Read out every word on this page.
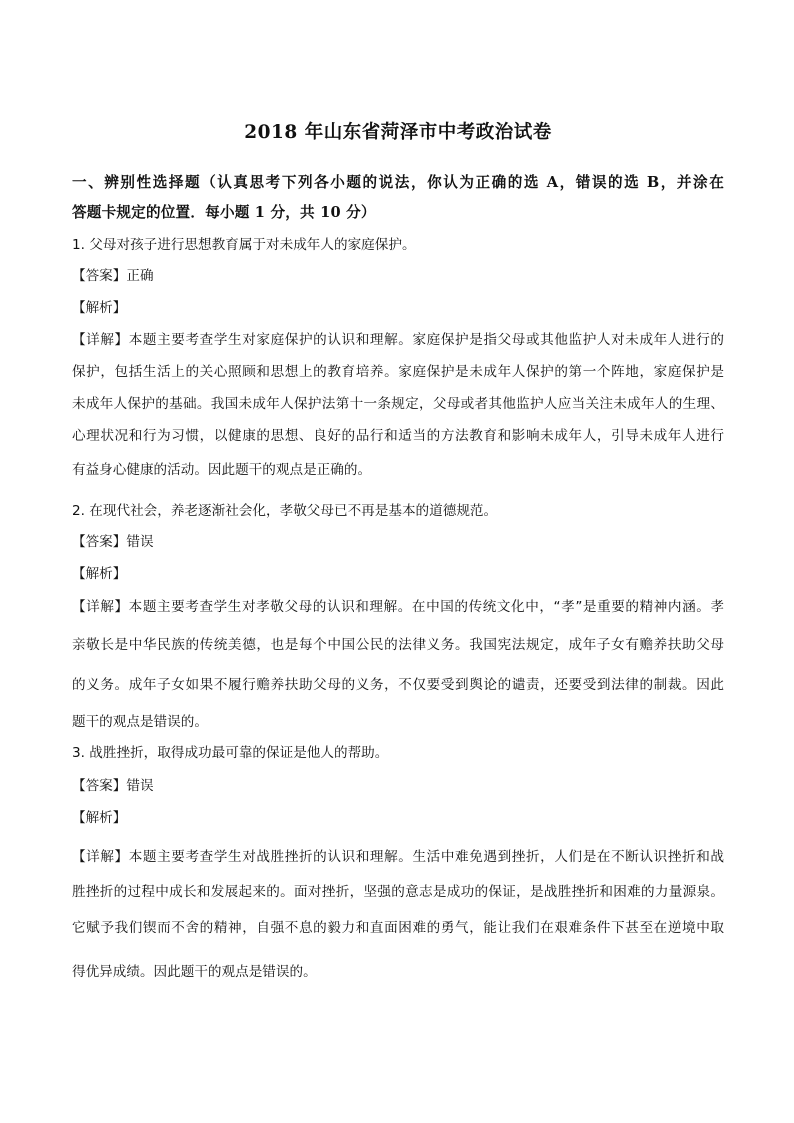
2018 年山东省菏泽市中考政治试卷
一、辨别性选择题（认真思考下列各小题的说法，你认为正确的选 A，错误的选 B，并涂在
答题卡规定的位置．每小题 1 分，共 10 分）
1. 父母对孩子进行思想教育属于对未成年人的家庭保护。
【答案】正确
【解析】
【详解】本题主要考查学生对家庭保护的认识和理解。家庭保护是指父母或其他监护人对未成年人进行的
保护，包括生活上的关心照顾和思想上的教育培养。家庭保护是未成年人保护的第一个阵地，家庭保护是
未成年人保护的基础。我国未成年人保护法第十一条规定，父母或者其他监护人应当关注未成年人的生理、
心理状况和行为习惯，以健康的思想、良好的品行和适当的方法教育和影响未成年人，引导未成年人进行
有益身心健康的活动。因此题干的观点是正确的。
2. 在现代社会，养老逐渐社会化，孝敬父母已不再是基本的道德规范。
【答案】错误
【解析】
【详解】本题主要考查学生对孝敬父母的认识和理解。在中国的传统文化中，“孝”是重要的精神内涵。孝
亲敬长是中华民族的传统美德，也是每个中国公民的法律义务。我国宪法规定，成年子女有赡养扶助父母
的义务。成年子女如果不履行赡养扶助父母的义务，不仅要受到舆论的谴责，还要受到法律的制裁。因此
题干的观点是错误的。
3. 战胜挫折，取得成功最可靠的保证是他人的帮助。
【答案】错误
【解析】
【详解】本题主要考查学生对战胜挫折的认识和理解。生活中难免遇到挫折，人们是在不断认识挫折和战
胜挫折的过程中成长和发展起来的。面对挫折，坚强的意志是成功的保证，是战胜挫折和困难的力量源泉。
它赋予我们锲而不舍的精神，自强不息的毅力和直面困难的勇气，能让我们在艰难条件下甚至在逆境中取
得优异成绩。因此题干的观点是错误的。
